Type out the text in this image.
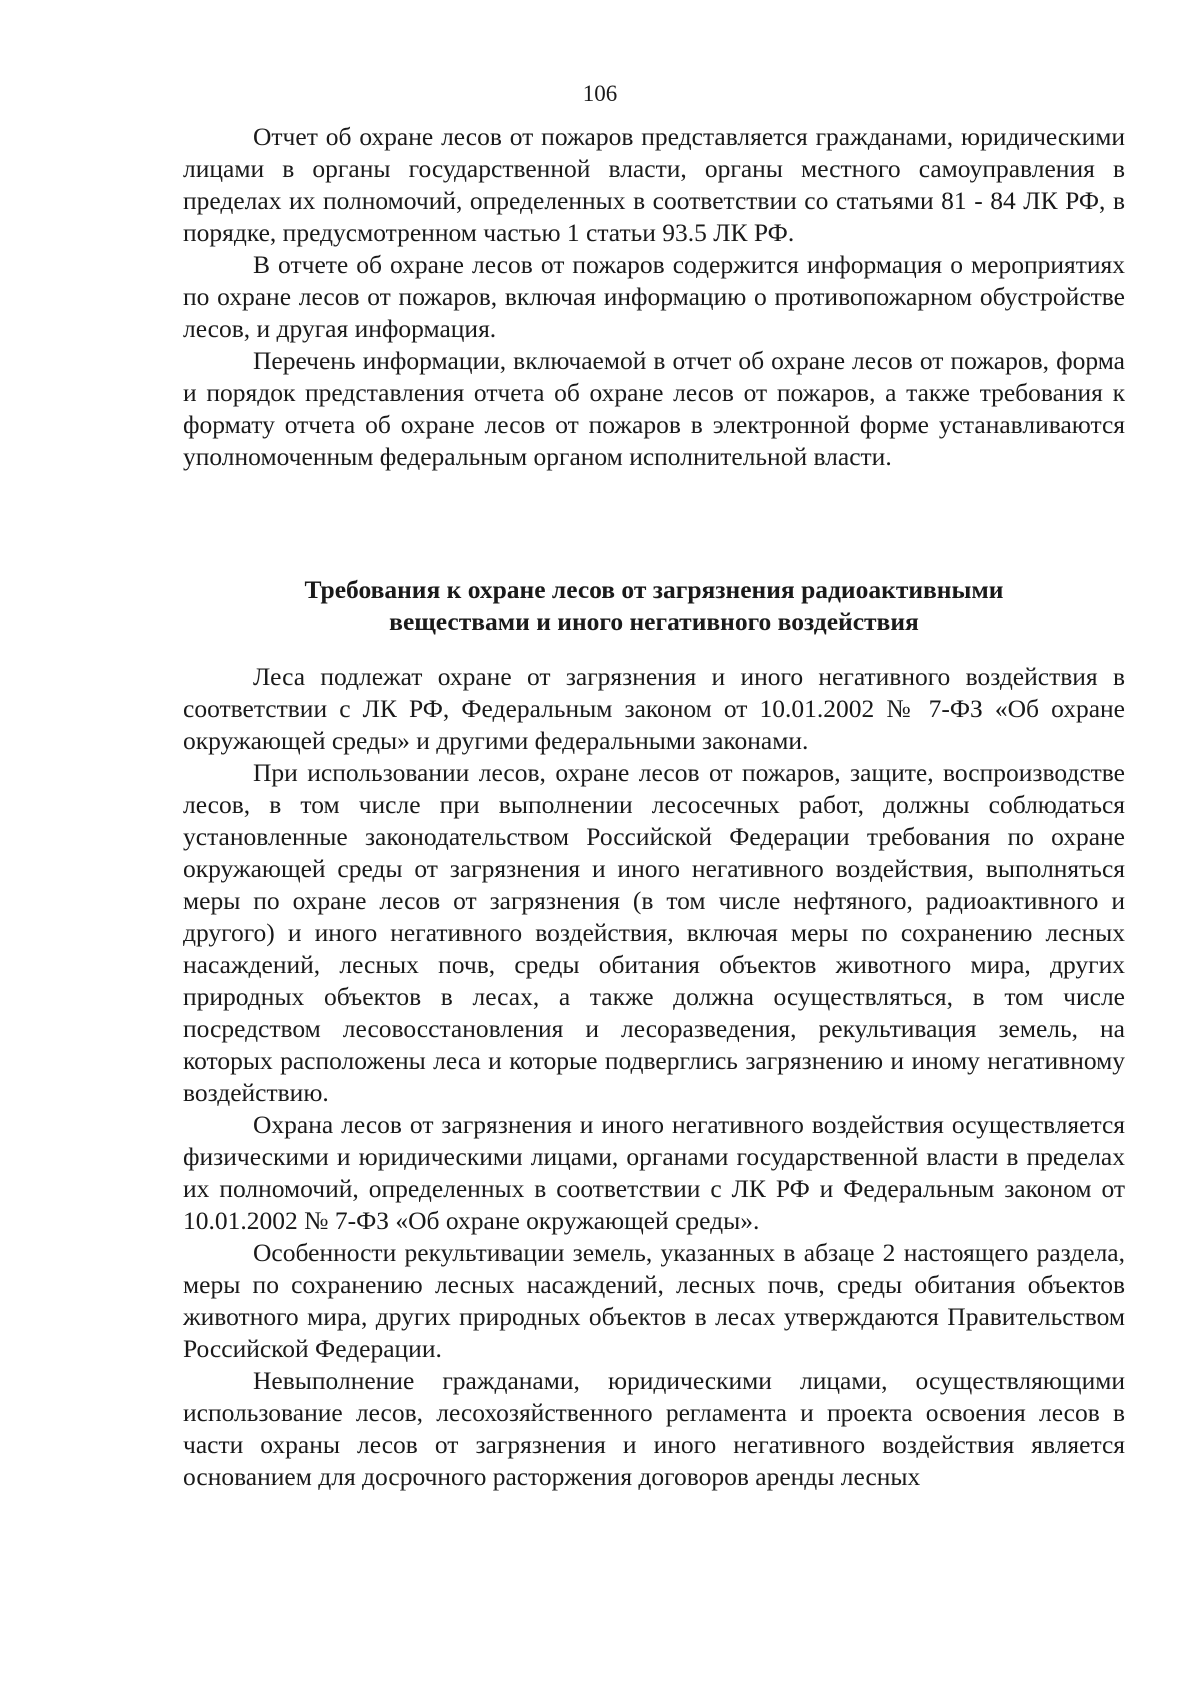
106

Отчет об охране лесов от пожаров представляется гражданами, юридическими лицами в органы государственной власти, органы местного самоуправления в пределах их полномочий, определенных в соответствии со статьями 81 - 84 ЛК РФ, в порядке, предусмотренном частью 1 статьи 93.5 ЛК РФ.

В отчете об охране лесов от пожаров содержится информация о мероприятиях по охране лесов от пожаров, включая информацию о противопожарном обустройстве лесов, и другая информация.

Перечень информации, включаемой в отчет об охране лесов от пожаров, форма и порядок представления отчета об охране лесов от пожаров, а также требования к формату отчета об охране лесов от пожаров в электронной форме устанавливаются уполномоченным федеральным органом исполнительной власти.

Требования к охране лесов от загрязнения радиоактивными
веществами и иного негативного воздействия

Леса подлежат охране от загрязнения и иного негативного воздействия в соответствии с ЛК РФ, Федеральным законом от 10.01.2002 № 7-ФЗ «Об охране окружающей среды» и другими федеральными законами.

При использовании лесов, охране лесов от пожаров, защите, воспроизводстве лесов, в том числе при выполнении лесосечных работ, должны соблюдаться установленные законодательством Российской Федерации требования по охране окружающей среды от загрязнения и иного негативного воздействия, выполняться меры по охране лесов от загрязнения (в том числе нефтяного, радиоактивного и другого) и иного негативного воздействия, включая меры по сохранению лесных насаждений, лесных почв, среды обитания объектов животного мира, других природных объектов в лесах, а также должна осуществляться, в том числе посредством лесовосстановления и лесоразведения, рекультивация земель, на которых расположены леса и которые подверглись загрязнению и иному негативному воздействию.

Охрана лесов от загрязнения и иного негативного воздействия осуществляется физическими и юридическими лицами, органами государственной власти в пределах их полномочий, определенных в соответствии с ЛК РФ и Федеральным законом от 10.01.2002 № 7-ФЗ «Об охране окружающей среды».

Особенности рекультивации земель, указанных в абзаце 2 настоящего раздела, меры по сохранению лесных насаждений, лесных почв, среды обитания объектов животного мира, других природных объектов в лесах утверждаются Правительством Российской Федерации.

Невыполнение гражданами, юридическими лицами, осуществляющими использование лесов, лесохозяйственного регламента и проекта освоения лесов в части охраны лесов от загрязнения и иного негативного воздействия является основанием для досрочного расторжения договоров аренды лесных
